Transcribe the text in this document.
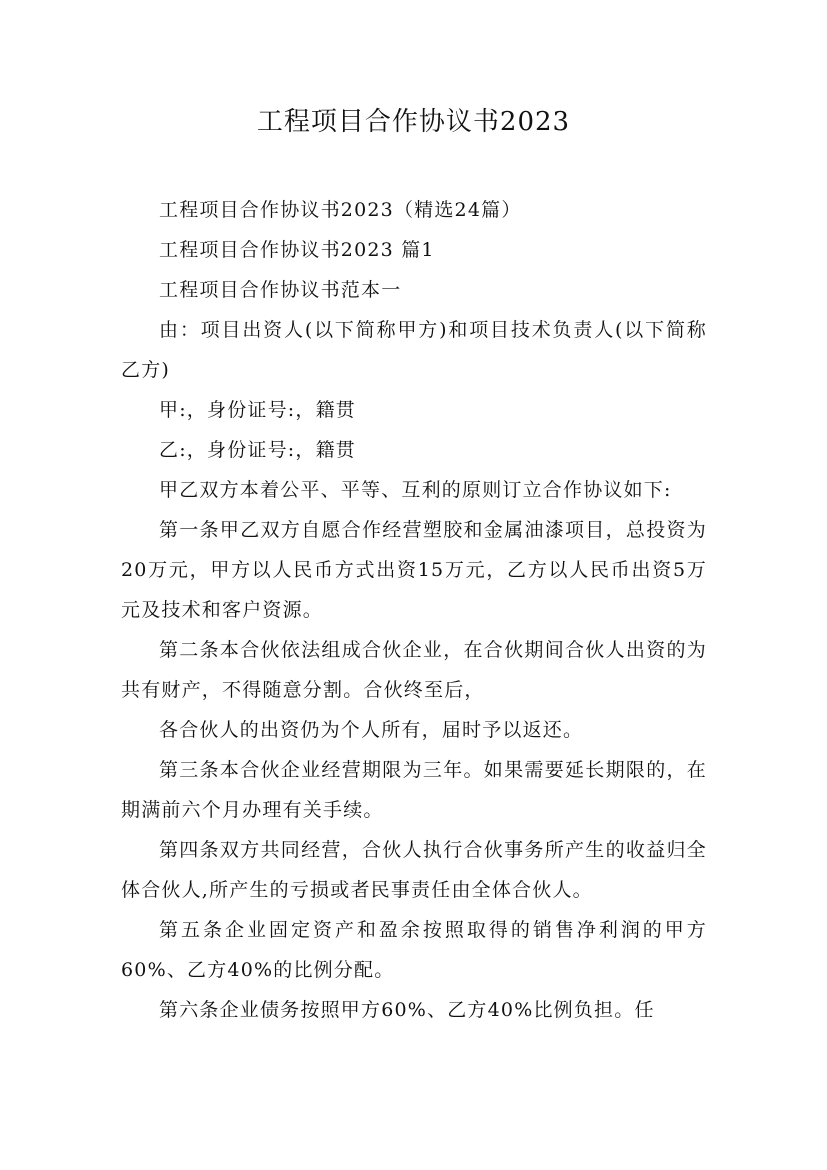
工程项目合作协议书2023

工程项目合作协议书2023（精选24篇）

工程项目合作协议书2023 篇1

工程项目合作协议书范本一

由：项目出资人(以下简称甲方)和项目技术负责人(以下简称乙方)

甲:，身份证号:，籍贯

乙:，身份证号:，籍贯

甲乙双方本着公平、平等、互利的原则订立合作协议如下:

第一条甲乙双方自愿合作经营塑胶和金属油漆项目，总投资为20万元，甲方以人民币方式出资15万元，乙方以人民币出资5万元及技术和客户资源。

第二条本合伙依法组成合伙企业，在合伙期间合伙人出资的为共有财产，不得随意分割。合伙终至后，

各合伙人的出资仍为个人所有，届时予以返还。

第三条本合伙企业经营期限为三年。如果需要延长期限的，在期满前六个月办理有关手续。

第四条双方共同经营，合伙人执行合伙事务所产生的收益归全体合伙人,所产生的亏损或者民事责任由全体合伙人。

第五条企业固定资产和盈余按照取得的销售净利润的甲方60%、乙方40%的比例分配。

第六条企业债务按照甲方60%、乙方40%比例负担。任
